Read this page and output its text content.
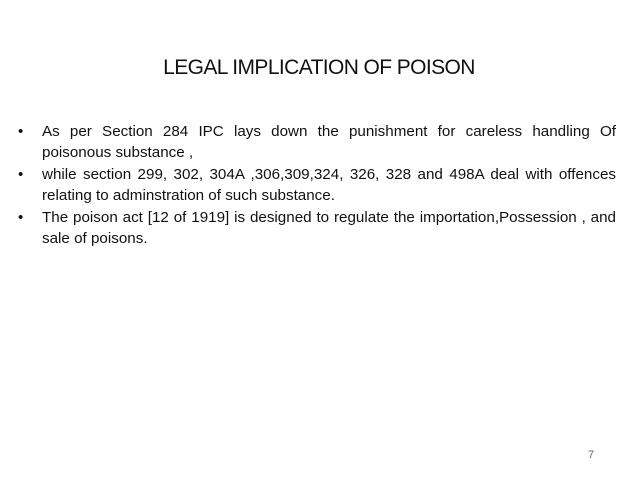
LEGAL IMPLICATION OF POISON
• As per Section 284 IPC lays down the punishment for careless handling Of poisonous substance ,
• while section 299, 302, 304A ,306,309,324, 326, 328 and 498A deal with offences relating to adminstration of such substance.
• The poison act [12 of 1919] is designed to regulate the importation,Possession , and sale of poisons.
7
